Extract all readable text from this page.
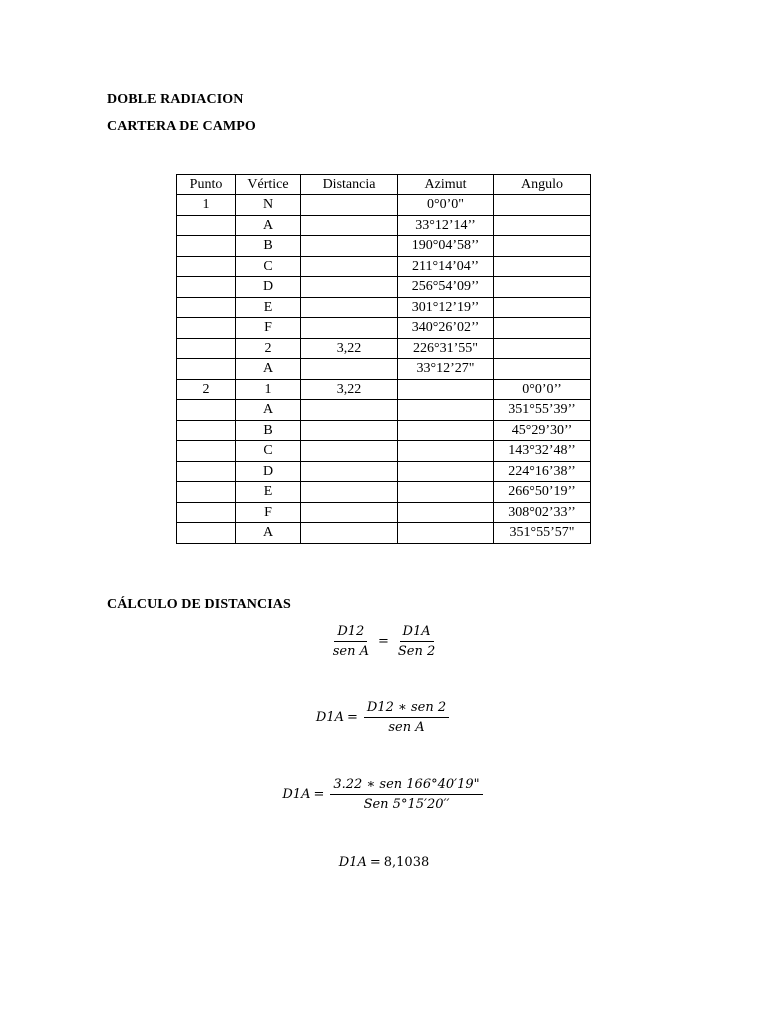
DOBLE RADIACION
CARTERA DE CAMPO
Punto	Vértice	Distancia	Azimut	Angulo
1	N		0°0’0"	
	A		33°12’14’’	
	B		190°04’58’’	
	C		211°14’04’’	
	D		256°54’09’’	
	E		301°12’19’’	
	F		340°26’02’’	
	2	3,22	226°31’55"	
	A		33°12’27"	
2	1	3,22		0°0’0’’
	A			351°55’39’’
	B			45°29’30’’
	C			143°32’48’’
	D			224°16’38’’
	E			266°50’19’’
	F			308°02’33’’
	A			351°55’57"
CÁLCULO DE DISTANCIAS
$\frac{D12}{\text{sen A}} = \frac{D1A}{\text{Sen 2}}$
$D1A = \frac{\text{D12 ∗ sen 2}}{\text{sen A}}$
$D1A = \frac{\text{3.22 ∗ sen 166°40′19"}}{\text{Sen 5°15′20′′}}$
D1A = 8,1038
